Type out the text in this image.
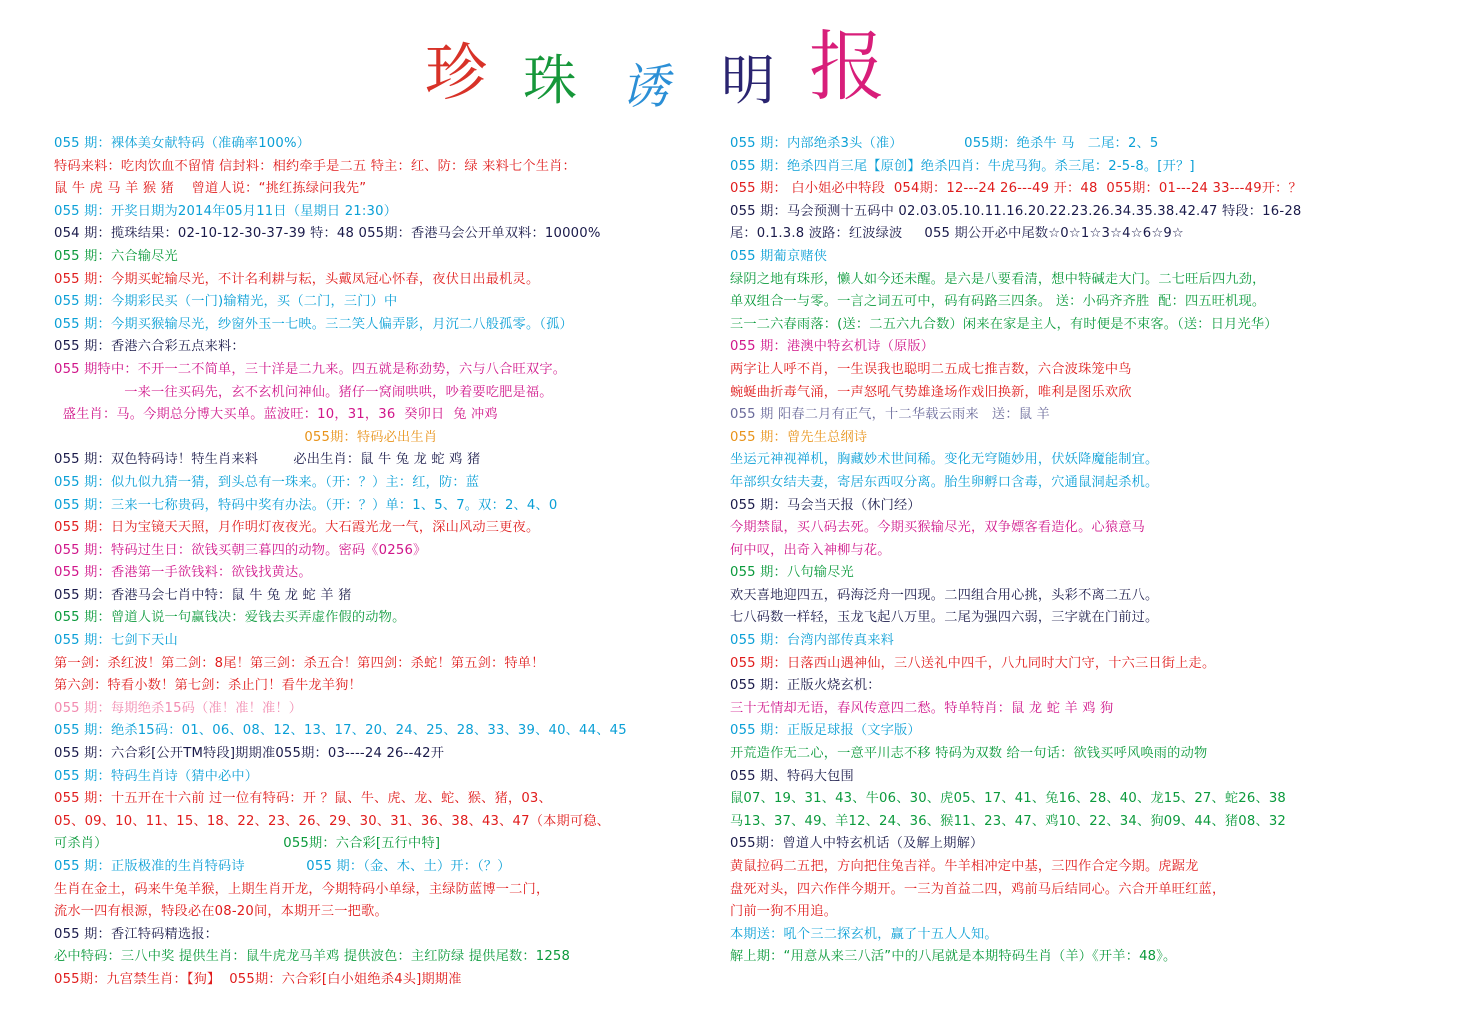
珍 珠 诱 明 报
055 期：裸体美女献特码（准确率100%）
特码来料：吃肉饮血不留情 信封料：相约牵手是二五 特主：红、防：绿 来料七个生肖：
鼠 牛 虎 马 羊 猴 猪    曾道人说：“挑红拣绿问我先”
055 期：开奖日期为2014年05月11日（星期日 21:30）
054 期：揽珠结果：02-10-12-30-37-39 特：48 055期：香港马会公开单双料：10000%
055 期：六合输尽光
055 期：今期买蛇输尽光，不计名利耕与耘，头戴凤冠心怀春，夜伏日出最机灵。
055 期：今期彩民买（一门)输精光，买（二门，三门）中
055 期：今期买猴输尽光，纱窗外玉一七映。三二笑人偏弄影，月沉二八般孤零。（孤）
055 期：香港六合彩五点来料：
055 期特中：不开一二不简单，三十洋是二九来。四五就是称劲势，六与八合旺双字。
一来一往买码先，玄不玄机问神仙。猪仔一窝闹哄哄，吵着要吃肥是福。
盛生肖：马。今期总分博大买单。蓝波旺：10，31，36  癸卯日  兔 冲鸡
055期：特码必出生肖
055 期：双色特码诗！特生肖来料        必出生肖：鼠 牛 兔 龙 蛇 鸡 猪
055 期：似九似九猜一猜，到头总有一珠来。（开：？）主：红，防：蓝
055 期：三来一七称贵码，特码中奖有办法。（开：？）单：1、5、7。双：2、4、0
055 期：日为宝镜天天照，月作明灯夜夜光。大石霞光龙一气，深山风动三更夜。
055 期：特码过生日：欲钱买朝三暮四的动物。密码《0256》
055 期：香港第一手欲钱料：欲钱找黄达。
055 期：香港马会七肖中特：鼠 牛 兔 龙 蛇 羊 猪
055 期：曾道人说一句赢钱决：爱钱去买弄虚作假的动物。
055 期：七剑下天山
第一剑：杀红波！第二剑：8尾！第三剑：杀五合！第四剑：杀蛇！第五剑：特单！
第六剑：特看小数！第七剑：杀止门！看牛龙羊狗！
055 期：每期绝杀15码（准！准！准！）
055 期：绝杀15码：01、06、08、12、13、17、20、24、25、28、33、39、40、44、45
055 期：六合彩[公开TM特段]期期准055期：03----24 26--42开
055 期：特码生肖诗（猜中必中）
055 期：十五开在十六前 过一位有特码：开 ？鼠、牛、虎、龙、蛇、猴、猪，03、
05、09、10、11、15、18、22、23、26、29、30、31、36、38、43、47（本期可稳、
可杀肖）                                        055期：六合彩[五行中特]
055 期：正版极准的生肖特码诗              055 期：（金、木、土）开：（？）
生肖在金土，码来牛兔羊猴，上期生肖开龙，今期特码小单绿，主绿防蓝博一二门，
流水一四有根源，特段必在08-20间，本期开三一把歌。
055 期：香江特码精选报：
必中特码：三八中奖 提供生肖：鼠牛虎龙马羊鸡 提供波色：主红防绿 提供尾数：1258
055期：九宫禁生肖：【狗】  055期：六合彩[白小姐绝杀4头]期期准
055 期：内部绝杀3头（准）              055期：绝杀牛 马   二尾：2、5
055 期：绝杀四肖三尾【原创】绝杀四肖：牛虎马狗。杀三尾：2-5-8。[开？]
055 期： 白小姐必中特段  054期：12---24 26---49 开：48  055期：01---24 33---49开：？
055 期：马会预测十五码中 02.03.05.10.11.16.20.22.23.26.34.35.38.42.47 特段：16-28
尾：0.1.3.8 波路：红波绿波     055 期公开必中尾数☆0☆1☆3☆4☆6☆9☆
055 期葡京赌侠
绿阴之地有珠形，懒人如今还未醒。是六是八要看清，想中特碱走大门。二七旺后四九劲，
单双组合一与零。一言之词五可中，码有码路三四条。 送：小码齐齐胜  配：四五旺机现。
三一二六春雨落：(送：二五六九合数）闲来在家是主人，有时便是不束客。（送：日月光华）
055 期：港澳中特玄机诗（原版）
两字让人呼不肖，一生误我也聪明二五成七推吉数，六合波珠笼中鸟
蜿蜒曲折毒气涌，一声怒吼气势雄逢场作戏旧换新，唯利是图乐欢欣
055 期 阳春二月有正气，十二华载云雨来   送：鼠 羊
055 期：曾先生总纲诗
坐运元神视禅机，胸藏妙术世间稀。变化无穹随妙用，伏妖降魔能制宜。
年部织女结夫妻，寄居东西叹分离。胎生卵孵口含毒，穴通鼠洞起杀机。
055 期：马会当天报（休门经）
今期禁鼠，买八码去死。今期买猴输尽光，双争嫖客看造化。心猿意马
何中叹，出奇入神柳与花。
055 期：八句输尽光
欢天喜地迎四五，码海泛舟一四现。二四组合用心挑，头彩不离二五八。
七八码数一样轻，玉龙飞起八万里。二尾为强四六弱，三字就在门前过。
055 期：台湾内部传真来料
055 期：日落西山遇神仙，三八送礼中四千，八九同时大门守，十六三日街上走。
055 期：正版火烧玄机：
三十无情却无语，春风传意四二愁。特单特肖：鼠 龙 蛇 羊 鸡 狗
055 期：正版足球报（文字版）
开荒造作无二心，一意平川志不移 特码为双数 给一句话：欲钱买呼风唤雨的动物
055 期、特码大包围
鼠07、19、31、43、牛06、30、虎05、17、41、兔16、28、40、龙15、27、蛇26、38
马13、37、49、羊12、24、36、猴11、23、47、鸡10、22、34、狗09、44、猪08、32
055期：曾道人中特玄机话（及解上期解）
黄鼠拉码二五把，方向把住兔吉祥。牛羊相冲定中基，三四作合定今期。虎踞龙
盘死对头，四六作伴今期开。一三为首益二四，鸡前马后结同心。六合开单旺红蓝，
门前一狗不用追。
本期送：吼个三二探玄机，赢了十五人人知。
解上期：“用意从来三八活”中的八尾就是本期特码生肖（羊）《开羊：48》。
